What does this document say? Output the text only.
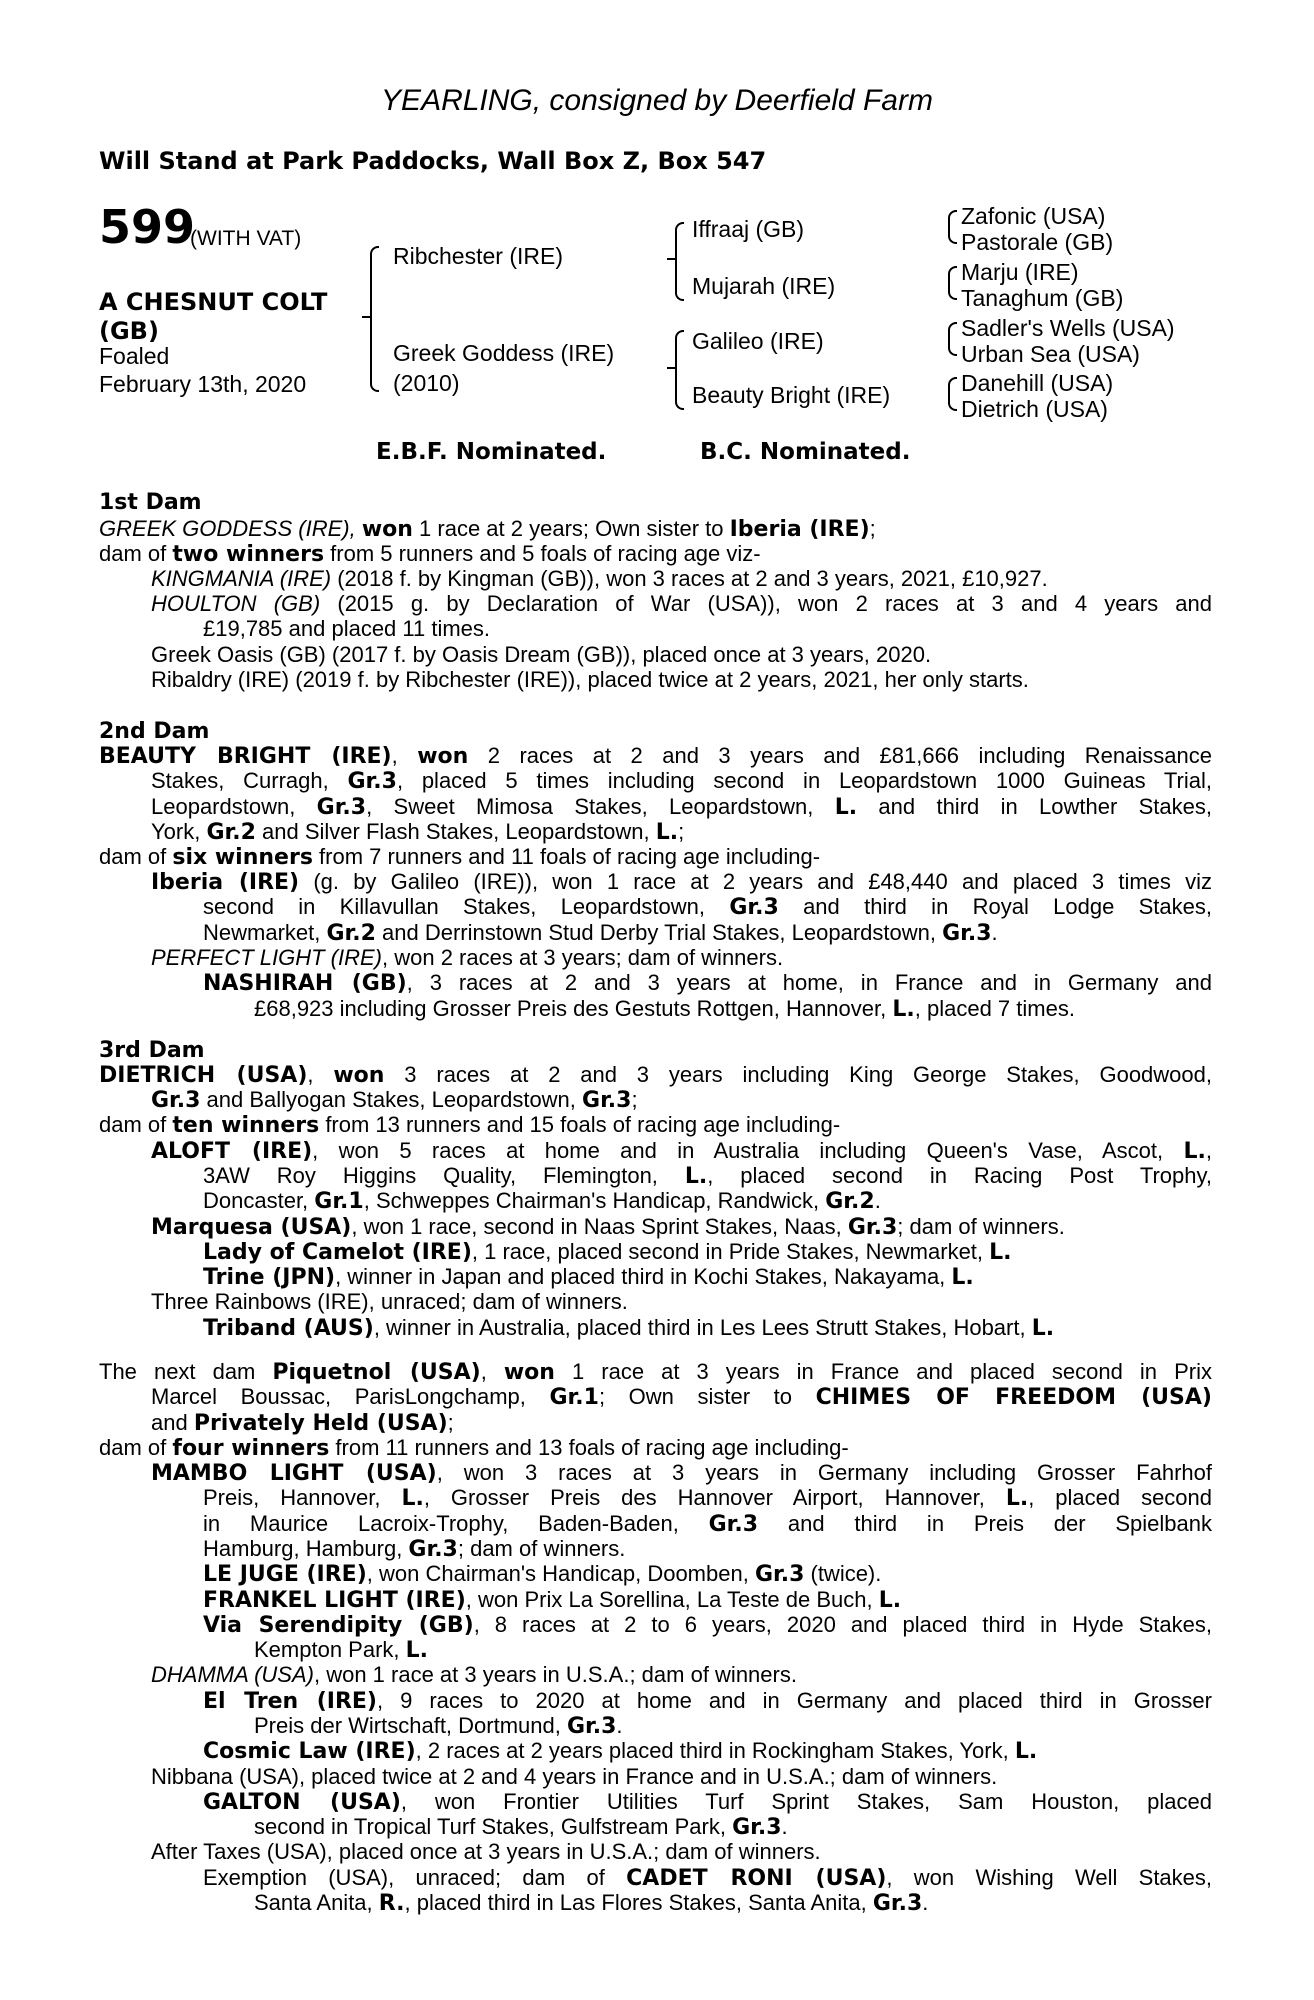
YEARLING, consigned by Deerfield Farm
Will Stand at Park Paddocks, Wall Box Z, Box 547
599
(WITH VAT)
A CHESNUT COLT
(GB)
Foaled
February 13th, 2020
Ribchester (IRE)
Greek Goddess (IRE)
(2010)
Iffraaj (GB)
Mujarah (IRE)
Galileo (IRE)
Beauty Bright (IRE)
Zafonic (USA)
Pastorale (GB)
Marju (IRE)
Tanaghum (GB)
Sadler's Wells (USA)
Urban Sea (USA)
Danehill (USA)
Dietrich (USA)
E.B.F. Nominated.	B.C. Nominated.
1st Dam
GREEK GODDESS (IRE), won 1 race at 2 years; Own sister to Iberia (IRE);
dam of two winners from 5 runners and 5 foals of racing age viz-
KINGMANIA (IRE) (2018 f. by Kingman (GB)), won 3 races at 2 and 3 years, 2021, £10,927.
HOULTON (GB) (2015 g. by Declaration of War (USA)), won 2 races at 3 and 4 years and
£19,785 and placed 11 times.
Greek Oasis (GB) (2017 f. by Oasis Dream (GB)), placed once at 3 years, 2020.
Ribaldry (IRE) (2019 f. by Ribchester (IRE)), placed twice at 2 years, 2021, her only starts.
2nd Dam
BEAUTY BRIGHT (IRE), won 2 races at 2 and 3 years and £81,666 including Renaissance
Stakes, Curragh, Gr.3, placed 5 times including second in Leopardstown 1000 Guineas Trial,
Leopardstown, Gr.3, Sweet Mimosa Stakes, Leopardstown, L. and third in Lowther Stakes,
York, Gr.2 and Silver Flash Stakes, Leopardstown, L.;
dam of six winners from 7 runners and 11 foals of racing age including-
Iberia (IRE) (g. by Galileo (IRE)), won 1 race at 2 years and £48,440 and placed 3 times viz
second in Killavullan Stakes, Leopardstown, Gr.3 and third in Royal Lodge Stakes,
Newmarket, Gr.2 and Derrinstown Stud Derby Trial Stakes, Leopardstown, Gr.3.
PERFECT LIGHT (IRE), won 2 races at 3 years; dam of winners.
NASHIRAH (GB), 3 races at 2 and 3 years at home, in France and in Germany and
£68,923 including Grosser Preis des Gestuts Rottgen, Hannover, L., placed 7 times.
3rd Dam
DIETRICH (USA), won 3 races at 2 and 3 years including King George Stakes, Goodwood,
Gr.3 and Ballyogan Stakes, Leopardstown, Gr.3;
dam of ten winners from 13 runners and 15 foals of racing age including-
ALOFT (IRE), won 5 races at home and in Australia including Queen's Vase, Ascot, L.,
3AW Roy Higgins Quality, Flemington, L., placed second in Racing Post Trophy,
Doncaster, Gr.1, Schweppes Chairman's Handicap, Randwick, Gr.2.
Marquesa (USA), won 1 race, second in Naas Sprint Stakes, Naas, Gr.3; dam of winners.
Lady of Camelot (IRE), 1 race, placed second in Pride Stakes, Newmarket, L.
Trine (JPN), winner in Japan and placed third in Kochi Stakes, Nakayama, L.
Three Rainbows (IRE), unraced; dam of winners.
Triband (AUS), winner in Australia, placed third in Les Lees Strutt Stakes, Hobart, L.
The next dam Piquetnol (USA), won 1 race at 3 years in France and placed second in Prix
Marcel Boussac, ParisLongchamp, Gr.1; Own sister to CHIMES OF FREEDOM (USA)
and Privately Held (USA);
dam of four winners from 11 runners and 13 foals of racing age including-
MAMBO LIGHT (USA), won 3 races at 3 years in Germany including Grosser Fahrhof
Preis, Hannover, L., Grosser Preis des Hannover Airport, Hannover, L., placed second
in Maurice Lacroix-Trophy, Baden-Baden, Gr.3 and third in Preis der Spielbank
Hamburg, Hamburg, Gr.3; dam of winners.
LE JUGE (IRE), won Chairman's Handicap, Doomben, Gr.3 (twice).
FRANKEL LIGHT (IRE), won Prix La Sorellina, La Teste de Buch, L.
Via Serendipity (GB), 8 races at 2 to 6 years, 2020 and placed third in Hyde Stakes,
Kempton Park, L.
DHAMMA (USA), won 1 race at 3 years in U.S.A.; dam of winners.
El Tren (IRE), 9 races to 2020 at home and in Germany and placed third in Grosser
Preis der Wirtschaft, Dortmund, Gr.3.
Cosmic Law (IRE), 2 races at 2 years placed third in Rockingham Stakes, York, L.
Nibbana (USA), placed twice at 2 and 4 years in France and in U.S.A.; dam of winners.
GALTON (USA), won Frontier Utilities Turf Sprint Stakes, Sam Houston, placed
second in Tropical Turf Stakes, Gulfstream Park, Gr.3.
After Taxes (USA), placed once at 3 years in U.S.A.; dam of winners.
Exemption (USA), unraced; dam of CADET RONI (USA), won Wishing Well Stakes,
Santa Anita, R., placed third in Las Flores Stakes, Santa Anita, Gr.3.
